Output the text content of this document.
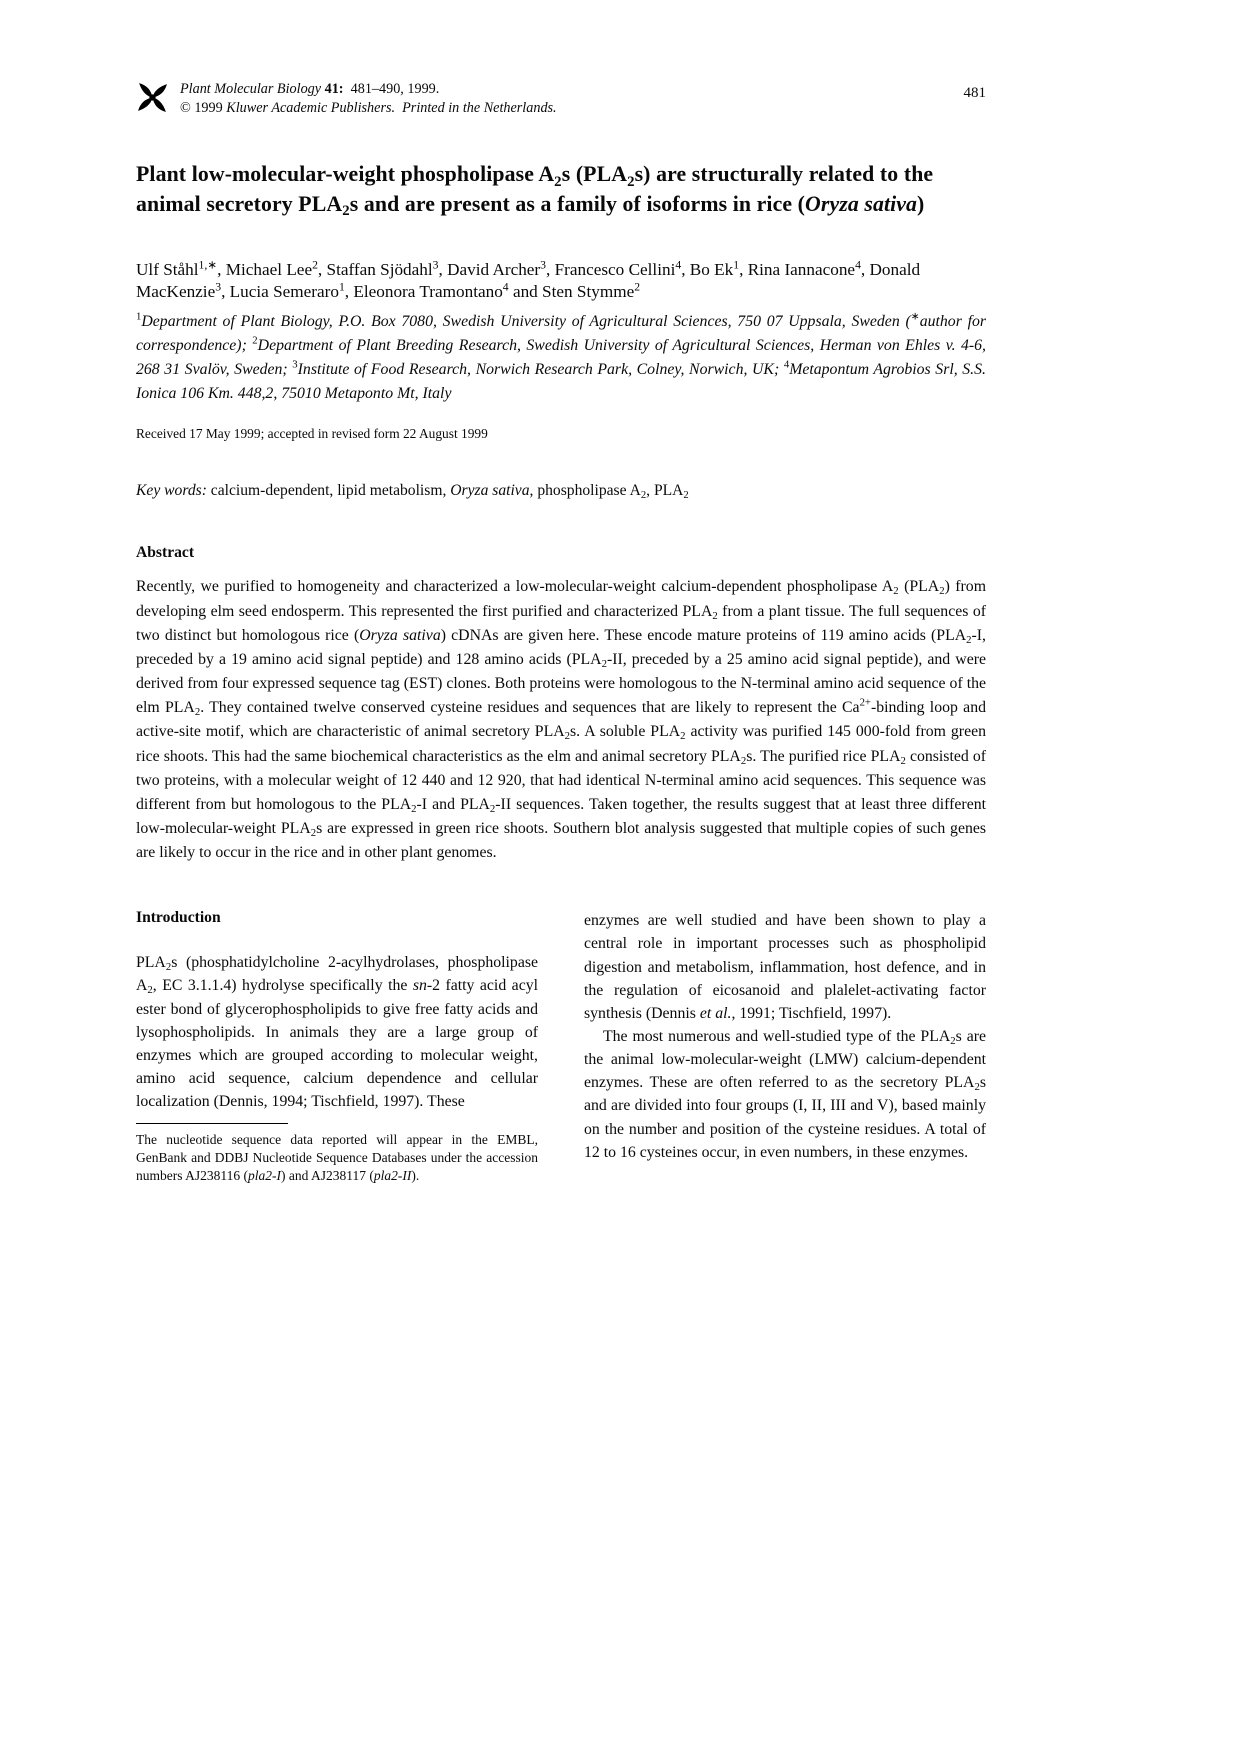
Plant Molecular Biology 41:  481–490, 1999.
© 1999 Kluwer Academic Publishers.  Printed in the Netherlands.
481
Plant low-molecular-weight phospholipase $A_2s$ $(PLA_2s)$ are structurally related to the animal secretory $PLA_2s$ and are present as a family of isoforms in rice (Oryza sativa)

Ulf Ståhl$^{1,∗}$, Michael Lee$^2$, Staffan Sjödahl$^3$, David Archer$^3$, Francesco Cellini$^4$, Bo Ek$^1$, Rina Iannacone$^4$, Donald MacKenzie$^3$, Lucia Semeraro$^1$, Eleonora Tramontano$^4$ and Sten Stymme$^2$

$^1$Department of Plant Biology, P.O. Box 7080, Swedish University of Agricultural Sciences, 750 07 Uppsala, Sweden (∗author for correspondence); $^2$Department of Plant Breeding Research, Swedish University of Agricultural Sciences, Herman von Ehles v. 4-6, 268 31 Svalöv, Sweden; $^3$Institute of Food Research, Norwich Research Park, Colney, Norwich, UK; $^4$Metapontum Agrobios Srl, S.S. Ionica 106 Km. 448,2, 75010 Metaponto Mt, Italy

Received 17 May 1999; accepted in revised form 22 August 1999

Key words: calcium-dependent, lipid metabolism, Oryza sativa, phospholipase $A_2$, $PLA_2$

Abstract

Recently, we purified to homogeneity and characterized a low-molecular-weight calcium-dependent phospholipase $A_2$ $(PLA_2)$ from developing elm seed endosperm. This represented the first purified and characterized $PLA_2$ from a plant tissue. The full sequences of two distinct but homologous rice (Oryza sativa) cDNAs are given here. These encode mature proteins of 119 amino acids ($PLA_2-I$, preceded by a 19 amino acid signal peptide) and 128 amino acids ($PLA_2-II$, preceded by a 25 amino acid signal peptide), and were derived from four expressed sequence tag (EST) clones. Both proteins were homologous to the N-terminal amino acid sequence of the elm $PLA_2$. They contained twelve conserved cysteine residues and sequences that are likely to represent the $Ca^{2+}$-binding loop and active-site motif, which are characteristic of animal secretory $PLA_2s$. A soluble $PLA_2$ activity was purified 145 000-fold from green rice shoots. This had the same biochemical characteristics as the elm and animal secretory $PLA_2s$. The purified rice $PLA_2$ consisted of two proteins, with a molecular weight of 12 440 and 12 920, that had identical N-terminal amino acid sequences. This sequence was different from but homologous to the $PLA_2-I$ and $PLA_2-II$ sequences. Taken together, the results suggest that at least three different low-molecular-weight $PLA_2s$ are expressed in green rice shoots. Southern blot analysis suggested that multiple copies of such genes are likely to occur in the rice and in other plant genomes.

Introduction

$PLA_2s$ (phosphatidylcholine 2-acylhydrolases, phospholipase $A_2$, EC 3.1.1.4) hydrolyse specifically the sn-2 fatty acid acyl ester bond of glycerophospholipids to give free fatty acids and lysophospholipids. In animals they are a large group of enzymes which are grouped according to molecular weight, amino acid sequence, calcium dependence and cellular localization (Dennis, 1994; Tischfield, 1997). These

The nucleotide sequence data reported will appear in the EMBL, GenBank and DDBJ Nucleotide Sequence Databases under the accession numbers AJ238116 (pla2-I) and AJ238117 (pla2-II).

enzymes are well studied and have been shown to play a central role in important processes such as phospholipid digestion and metabolism, inflammation, host defence, and in the regulation of eicosanoid and plalelet-activating factor synthesis (Dennis et al., 1991; Tischfield, 1997).

The most numerous and well-studied type of the $PLA_2s$ are the animal low-molecular-weight (LMW) calcium-dependent enzymes. These are often referred to as the secretory $PLA_2s$ and are divided into four groups (I, II, III and V), based mainly on the number and position of the cysteine residues. A total of 12 to 16 cysteines occur, in even numbers, in these enzymes.
